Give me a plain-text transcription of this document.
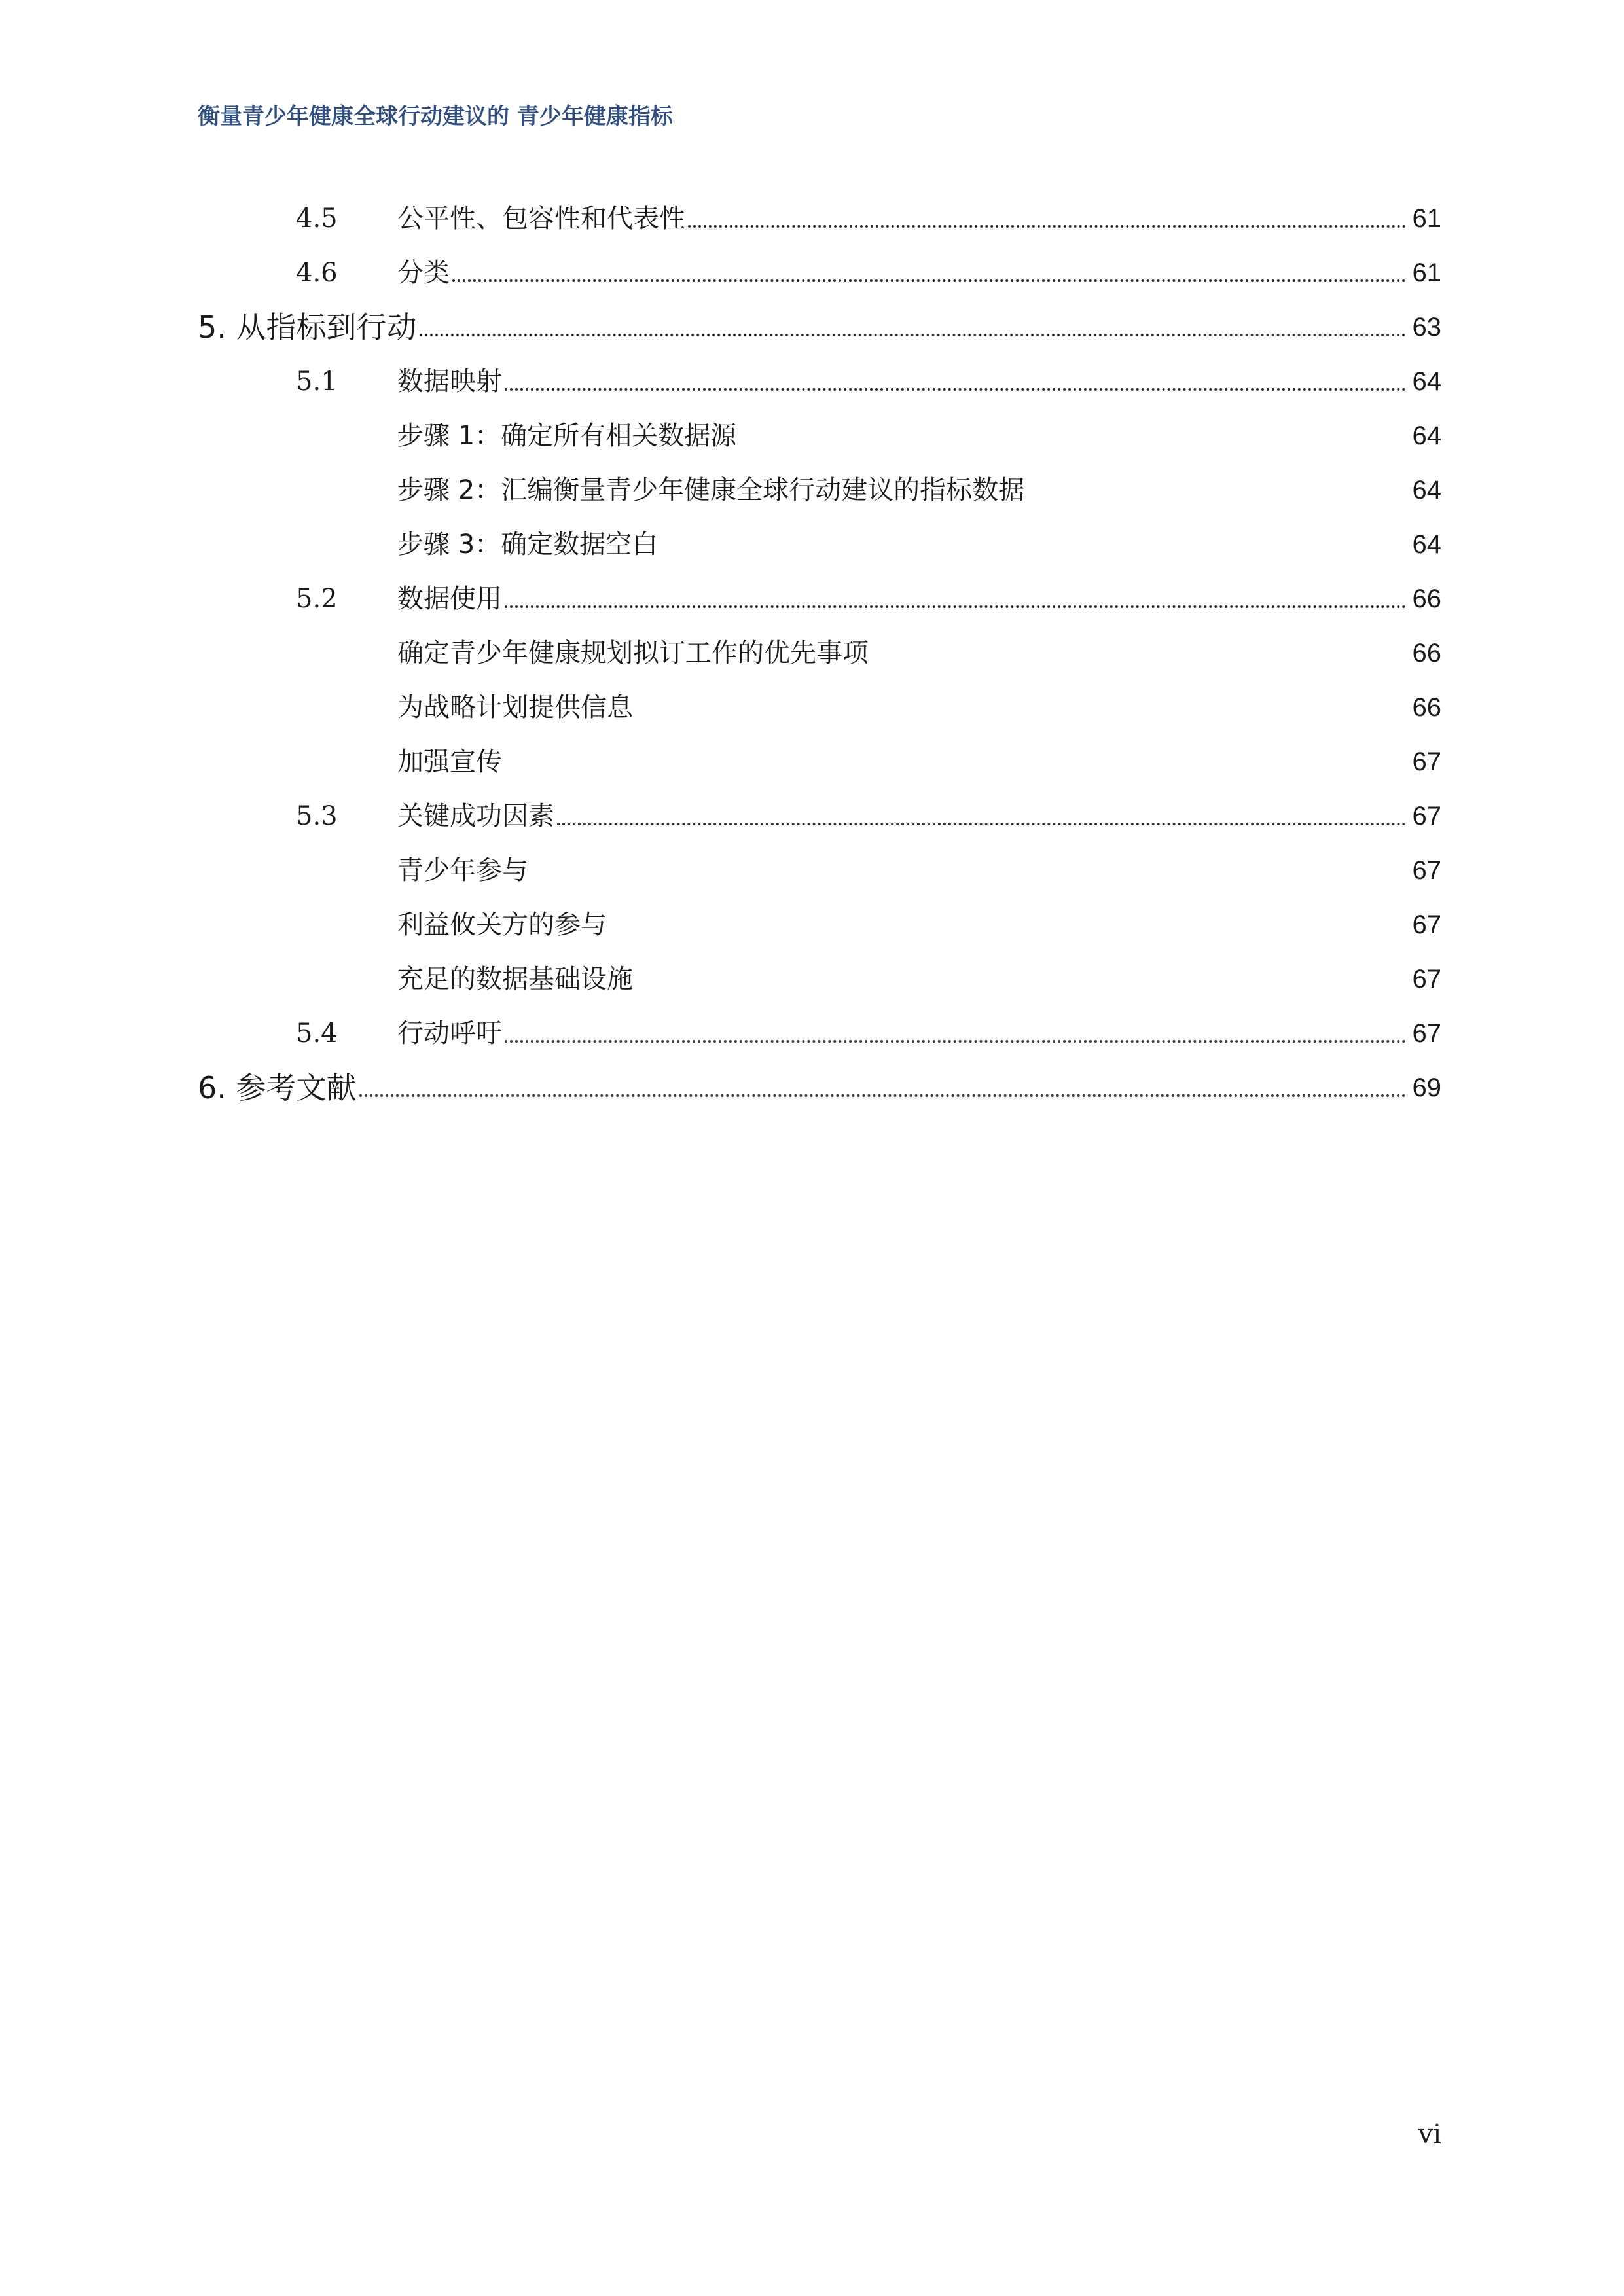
衡量青少年健康全球行动建议的 青少年健康指标
4.5 公平性、包容性和代表性	61
4.6 分类	61
5. 从指标到行动	63
5.1 数据映射	64
步骤 1：确定所有相关数据源	64
步骤 2：汇编衡量青少年健康全球行动建议的指标数据	64
步骤 3：确定数据空白	64
5.2 数据使用	66
确定青少年健康规划拟订工作的优先事项	66
为战略计划提供信息	66
加强宣传	67
5.3 关键成功因素	67
青少年参与	67
利益攸关方的参与	67
充足的数据基础设施	67
5.4 行动呼吁	67
6. 参考文献	69
vi
